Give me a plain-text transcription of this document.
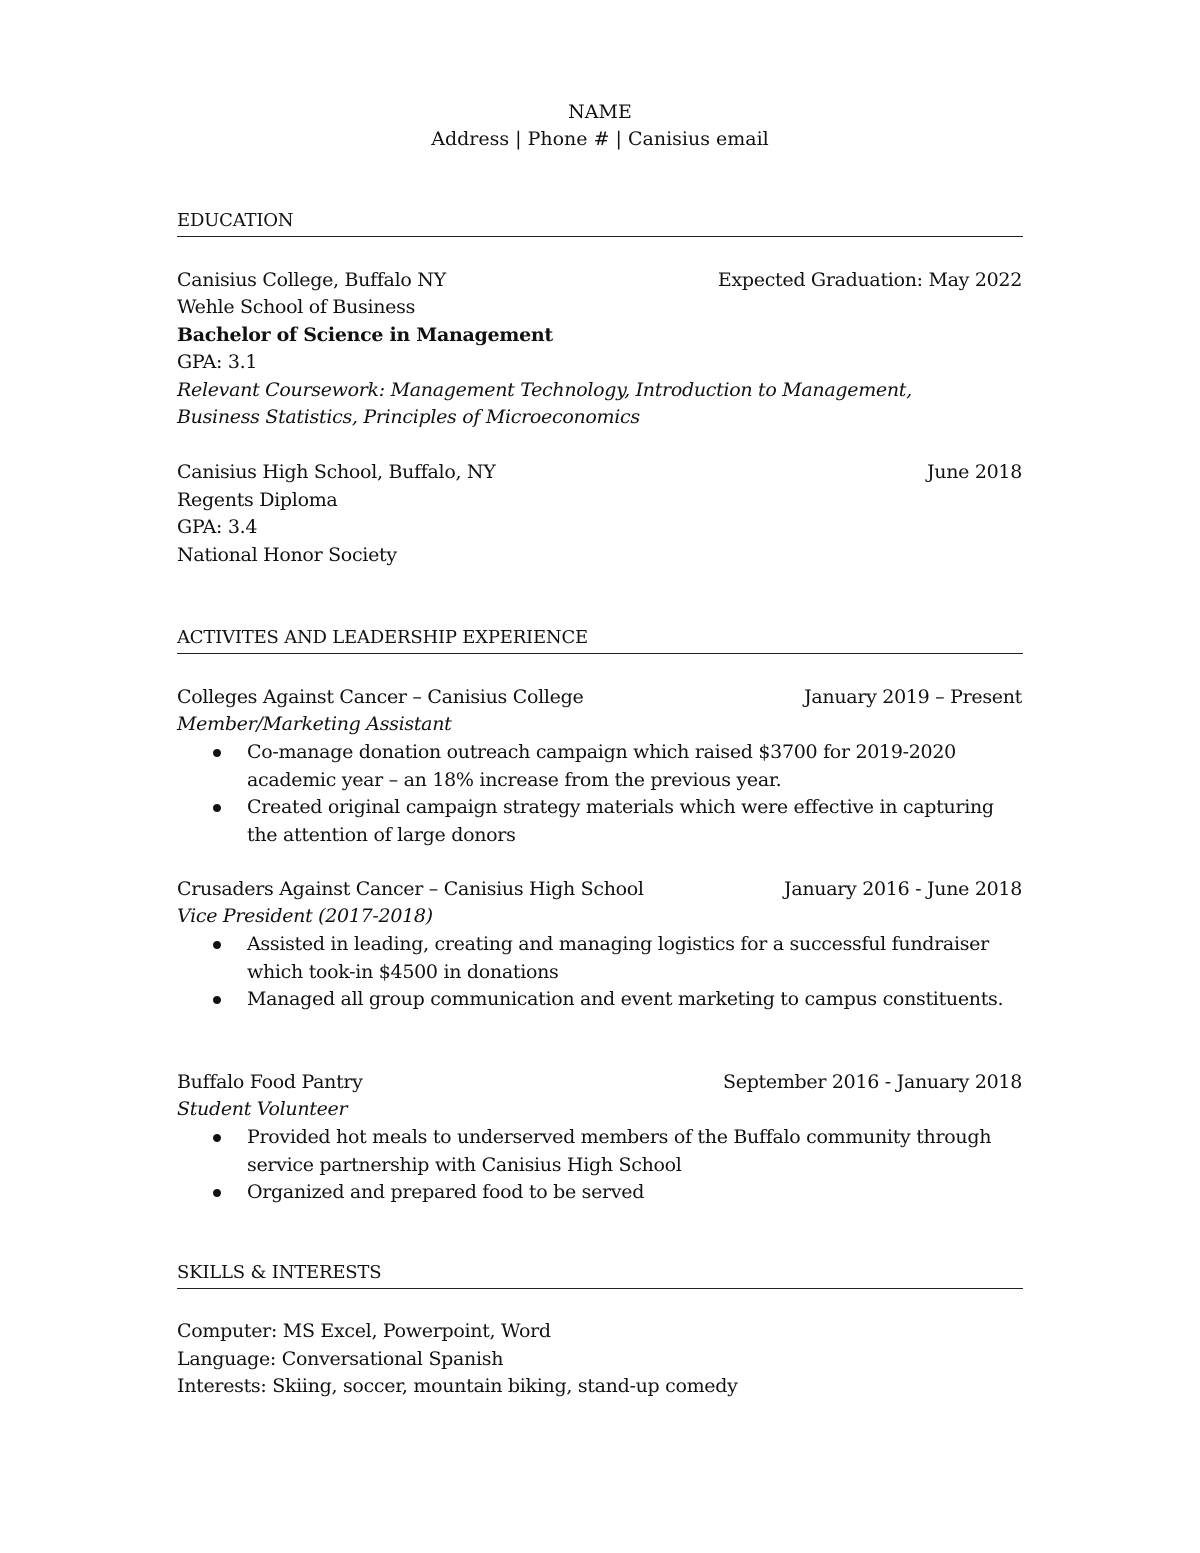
NAME
Address | Phone # | Canisius email
EDUCATION
Canisius College, Buffalo NY	Expected Graduation: May 2022
Wehle School of Business
Bachelor of Science in Management
GPA: 3.1
Relevant Coursework: Management Technology, Introduction to Management,
Business Statistics, Principles of Microeconomics
Canisius High School, Buffalo, NY	June 2018
Regents Diploma
GPA: 3.4
National Honor Society
ACTIVITES AND LEADERSHIP EXPERIENCE
Colleges Against Cancer – Canisius College	January 2019 – Present
Member/Marketing Assistant
Co-manage donation outreach campaign which raised $3700 for 2019-2020 academic year – an 18% increase from the previous year.
Created original campaign strategy materials which were effective in capturing the attention of large donors
Crusaders Against Cancer – Canisius High School	January 2016 - June 2018
Vice President (2017-2018)
Assisted in leading, creating and managing logistics for a successful fundraiser which took-in $4500 in donations
Managed all group communication and event marketing to campus constituents.
Buffalo Food Pantry	September 2016 - January 2018
Student Volunteer
Provided hot meals to underserved members of the Buffalo community through service partnership with Canisius High School
Organized and prepared food to be served
SKILLS & INTERESTS
Computer: MS Excel, Powerpoint, Word
Language: Conversational Spanish
Interests: Skiing, soccer, mountain biking, stand-up comedy
